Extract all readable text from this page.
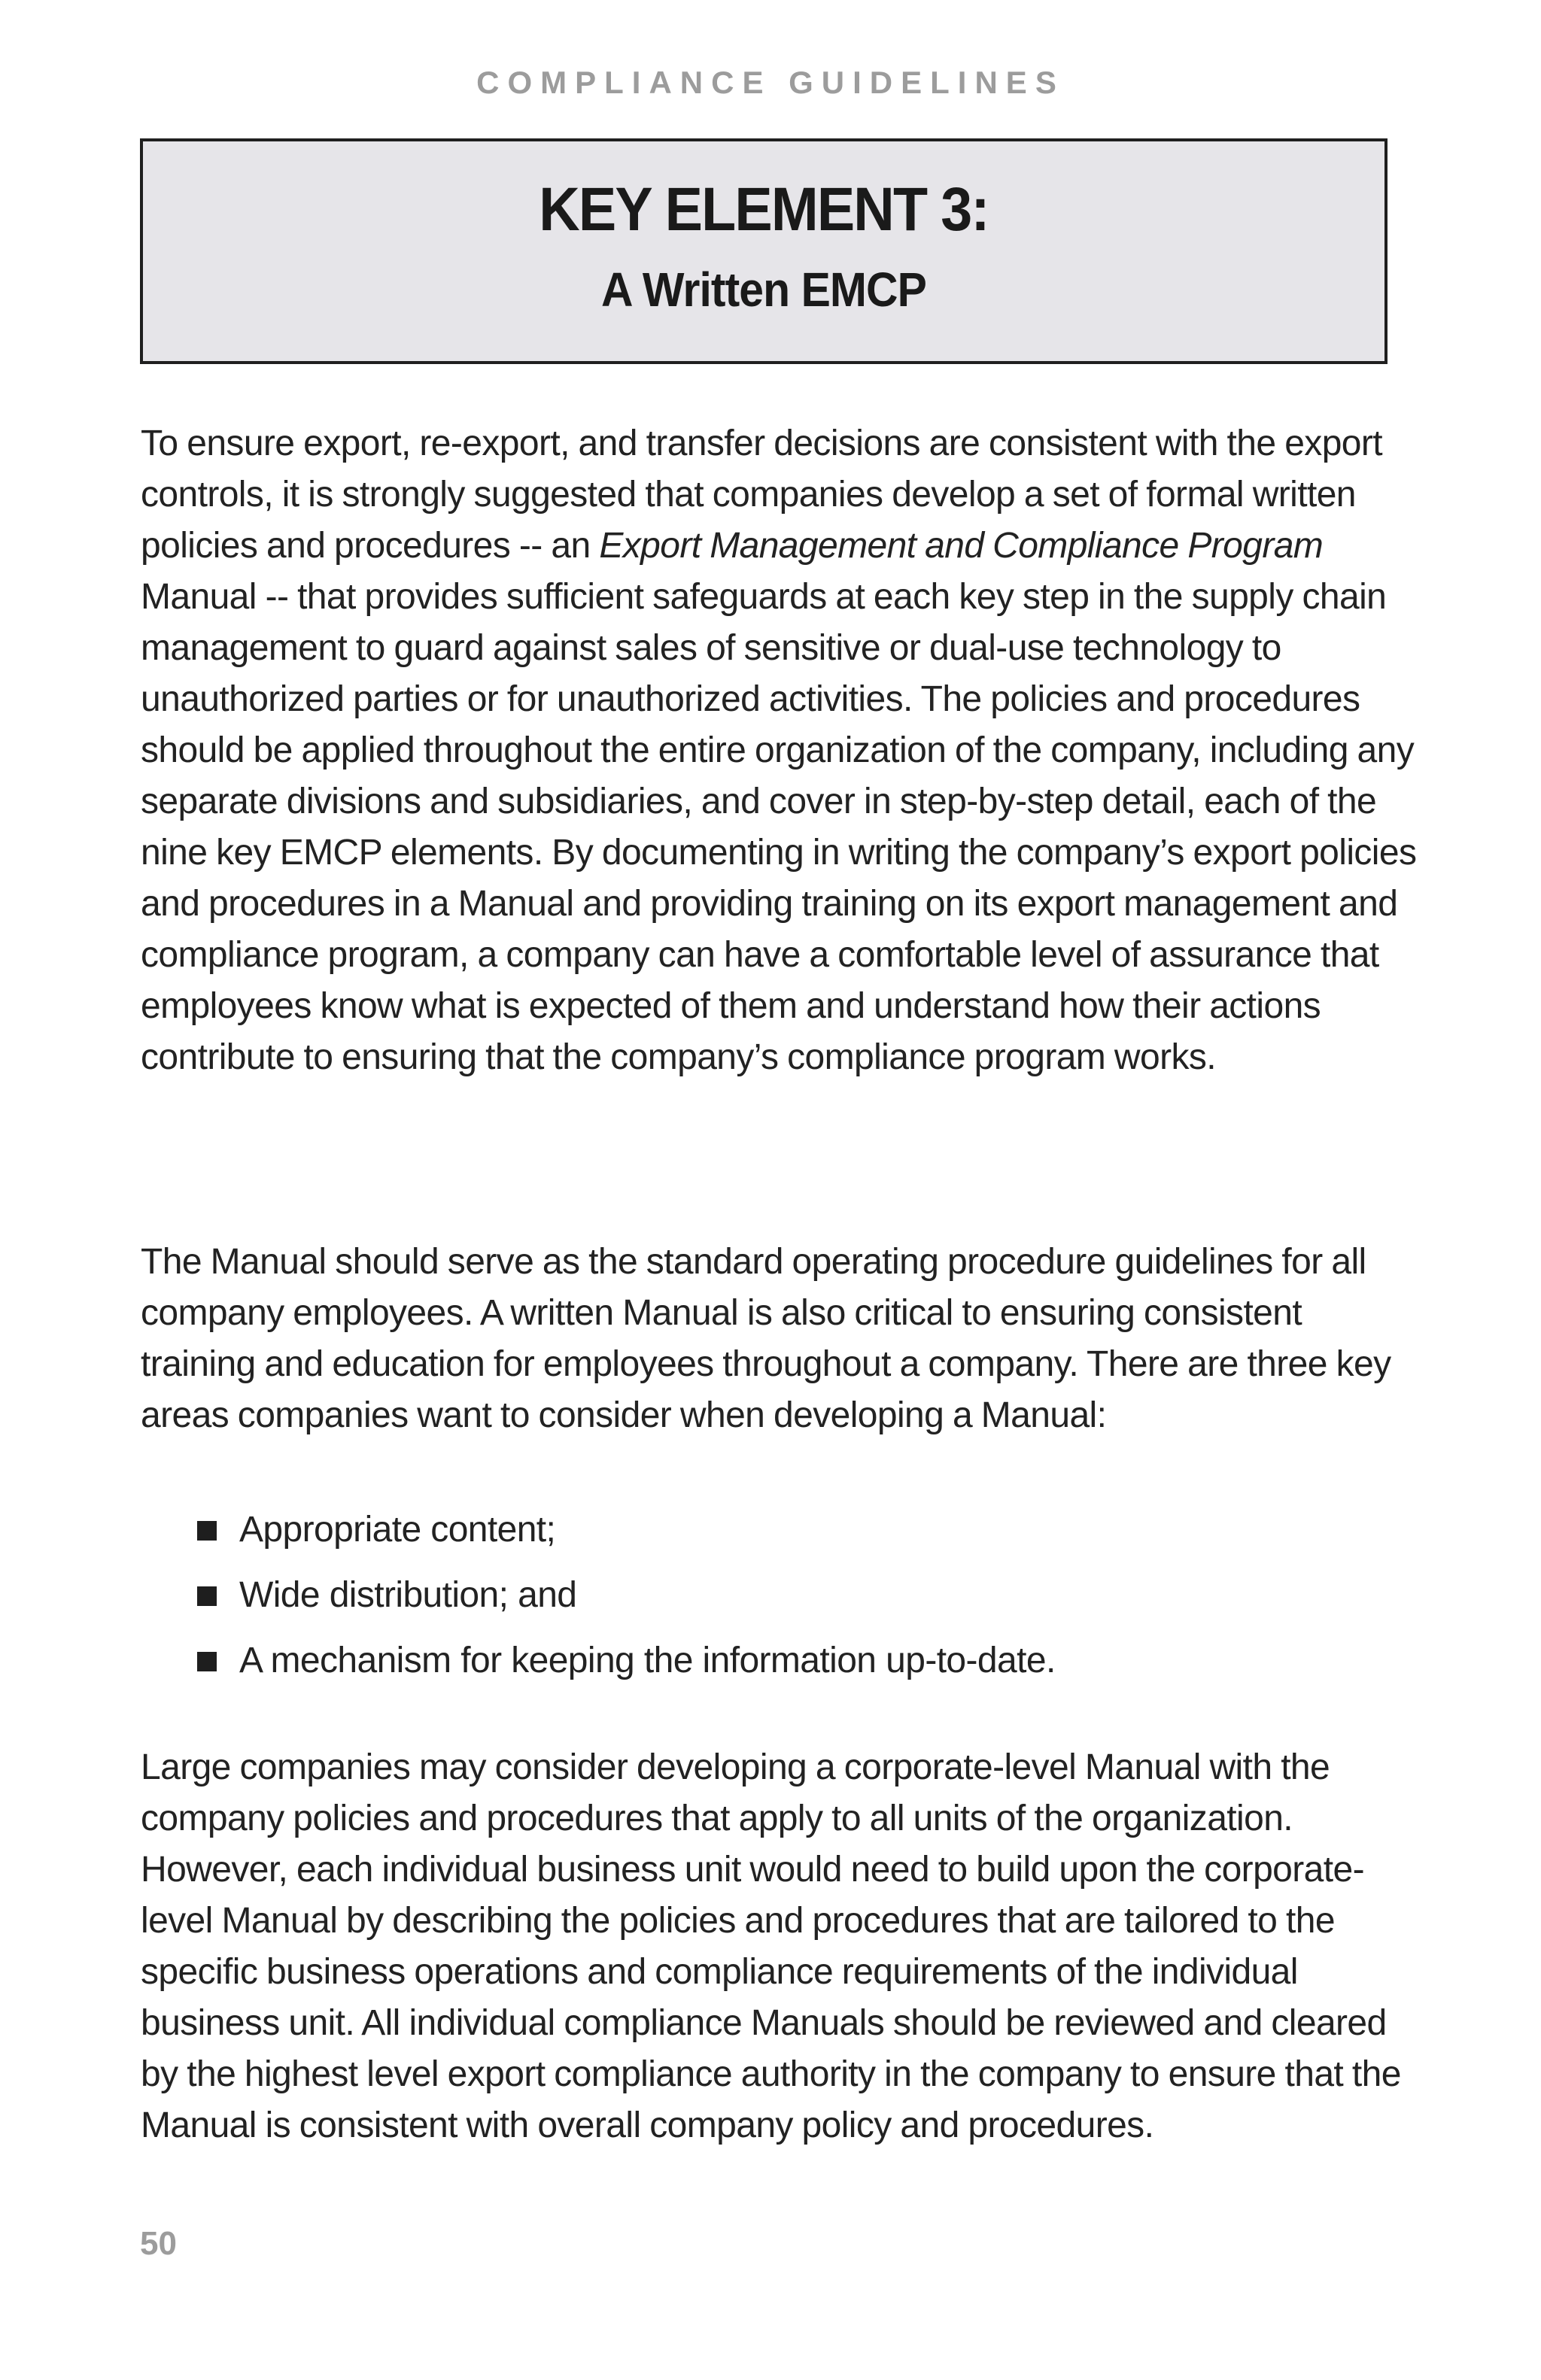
COMPLIANCE GUIDELINES
KEY ELEMENT 3:
A Written EMCP

To ensure export, re-export, and transfer decisions are consistent with the export controls, it is strongly suggested that companies develop a set of formal written policies and procedures -- an Export Management and Compliance Program Manual -- that provides sufficient safeguards at each key step in the supply chain management to guard against sales of sensitive or dual-use technology to unauthorized parties or for unauthorized activities. The policies and procedures should be applied throughout the entire organization of the company, including any separate divisions and subsidiaries, and cover in step-by-step detail, each of the nine key EMCP elements. By documenting in writing the company’s export policies and procedures in a Manual and providing training on its export management and compliance program, a company can have a comfortable level of assurance that employees know what is expected of them and understand how their actions contribute to ensuring that the company’s compliance program works.

The Manual should serve as the standard operating procedure guidelines for all company employees. A written Manual is also critical to ensuring consistent training and education for employees throughout a company. There are three key areas companies want to consider when developing a Manual:

Appropriate content;
Wide distribution; and
A mechanism for keeping the information up-to-date.

Large companies may consider developing a corporate-level Manual with the company policies and procedures that apply to all units of the organization. However, each individual business unit would need to build upon the corporate-level Manual by describing the policies and procedures that are tailored to the specific business operations and compliance requirements of the individual business unit. All individual compliance Manuals should be reviewed and cleared by the highest level export compliance authority in the company to ensure that the Manual is consistent with overall company policy and procedures.

50
